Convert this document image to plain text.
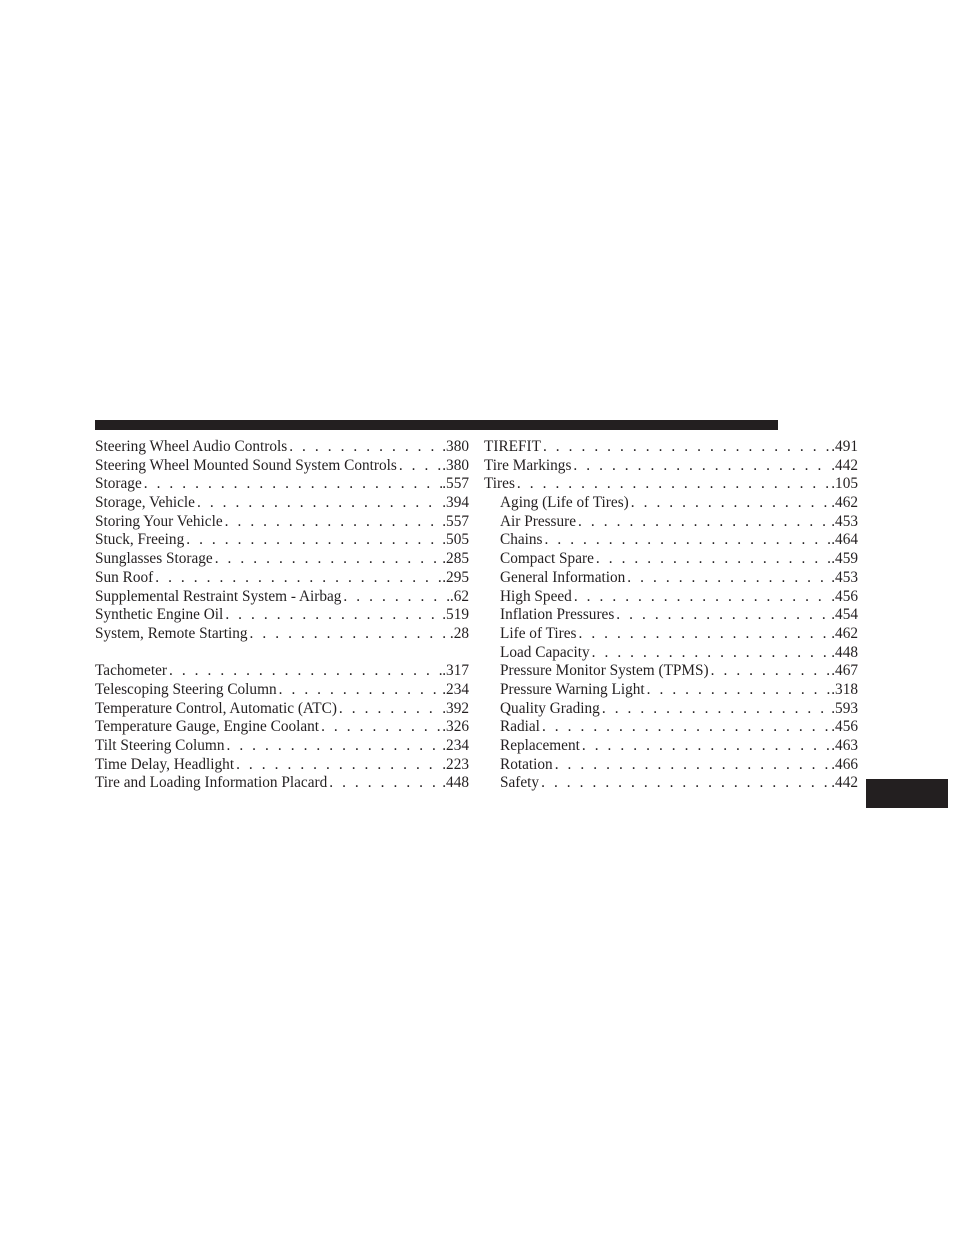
Steering Wheel Audio Controls . . .	.380
Steering Wheel Mounted Sound System Controls . . .	.380
Storage . . .	.557
Storage, Vehicle . . .	.394
Storing Your Vehicle . . .	.557
Stuck, Freeing . . .	.505
Sunglasses Storage . . .	.285
Sun Roof . . .	.295
Supplemental Restraint System - Airbag . . .	.62
Synthetic Engine Oil . . .	.519
System, Remote Starting . . .	.28
Tachometer . . .	.317
Telescoping Steering Column . . .	.234
Temperature Control, Automatic (ATC) . . .	.392
Temperature Gauge, Engine Coolant . . .	.326
Tilt Steering Column . . .	.234
Time Delay, Headlight . . .	.223
Tire and Loading Information Placard . . .	.448
TIREFIT . . .	.491
Tire Markings . . .	.442
Tires . . .	.105
Aging (Life of Tires) . . .	.462
Air Pressure . . .	.453
Chains . . .	.464
Compact Spare . . .	.459
General Information . . .	.453
High Speed . . .	.456
Inflation Pressures . . .	.454
Life of Tires . . .	.462
Load Capacity . . .	.448
Pressure Monitor System (TPMS) . . .	.467
Pressure Warning Light . . .	.318
Quality Grading . . .	.593
Radial . . .	.456
Replacement . . .	.463
Rotation . . .	.466
Safety . . .	.442
